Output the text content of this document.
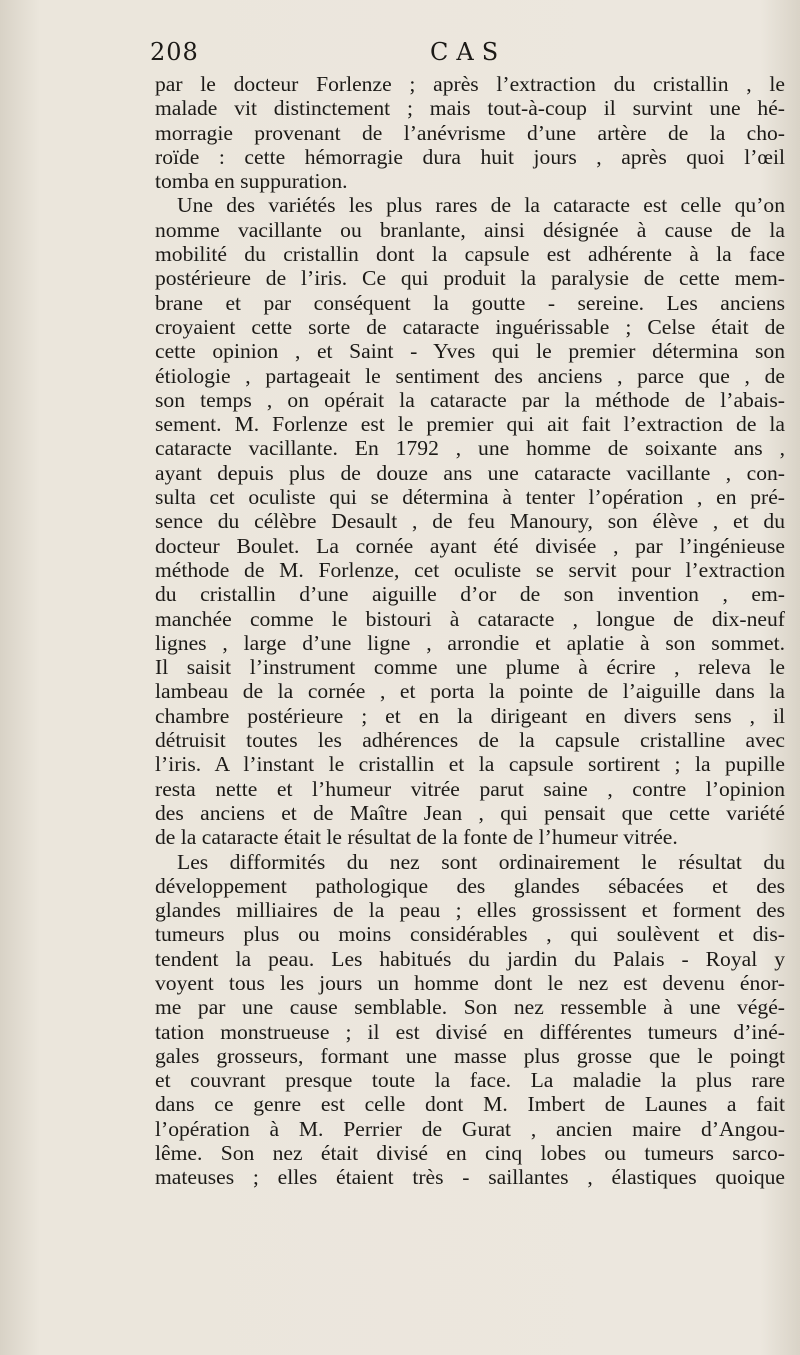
208	CAS
par le docteur Forlenze ; après l’extraction du cristallin , le
malade vit distinctement ; mais tout-à-coup il survint une hé-
morragie provenant de l’anévrisme d’une artère de la cho-
roïde : cette hémorragie dura huit jours , après quoi l’œil
tomba en suppuration.
Une des variétés les plus rares de la cataracte est celle qu’on
nomme vacillante ou branlante, ainsi désignée à cause de la
mobilité du cristallin dont la capsule est adhérente à la face
postérieure de l’iris. Ce qui produit la paralysie de cette mem-
brane et par conséquent la goutte - sereine. Les anciens
croyaient cette sorte de cataracte inguérissable ; Celse était de
cette opinion , et Saint - Yves qui le premier détermina son
étiologie , partageait le sentiment des anciens , parce que , de
son temps , on opérait la cataracte par la méthode de l’abais-
sement. M. Forlenze est le premier qui ait fait l’extraction de la
cataracte vacillante. En 1792 , une homme de soixante ans ,
ayant depuis plus de douze ans une cataracte vacillante , con-
sulta cet oculiste qui se détermina à tenter l’opération , en pré-
sence du célèbre Desault , de feu Manoury, son élève , et du
docteur Boulet. La cornée ayant été divisée , par l’ingénieuse
méthode de M. Forlenze, cet oculiste se servit pour l’extraction
du cristallin d’une aiguille d’or de son invention , em-
manchée comme le bistouri à cataracte , longue de dix-neuf
lignes , large d’une ligne , arrondie et aplatie à son sommet.
Il saisit l’instrument comme une plume à écrire , releva le
lambeau de la cornée , et porta la pointe de l’aiguille dans la
chambre postérieure ; et en la dirigeant en divers sens , il
détruisit toutes les adhérences de la capsule cristalline avec
l’iris. A l’instant le cristallin et la capsule sortirent ; la pupille
resta nette et l’humeur vitrée parut saine , contre l’opinion
des anciens et de Maître Jean , qui pensait que cette variété
de la cataracte était le résultat de la fonte de l’humeur vitrée.
Les difformités du nez sont ordinairement le résultat du
développement pathologique des glandes sébacées et des
glandes milliaires de la peau ; elles grossissent et forment des
tumeurs plus ou moins considérables , qui soulèvent et dis-
tendent la peau. Les habitués du jardin du Palais - Royal y
voyent tous les jours un homme dont le nez est devenu énor-
me par une cause semblable. Son nez ressemble à une végé-
tation monstrueuse ; il est divisé en différentes tumeurs d’iné-
gales grosseurs, formant une masse plus grosse que le poingt
et couvrant presque toute la face. La maladie la plus rare
dans ce genre est celle dont M. Imbert de Launes a fait
l’opération à M. Perrier de Gurat , ancien maire d’Angou-
lême. Son nez était divisé en cinq lobes ou tumeurs sarco-
mateuses ; elles étaient très - saillantes , élastiques quoique
